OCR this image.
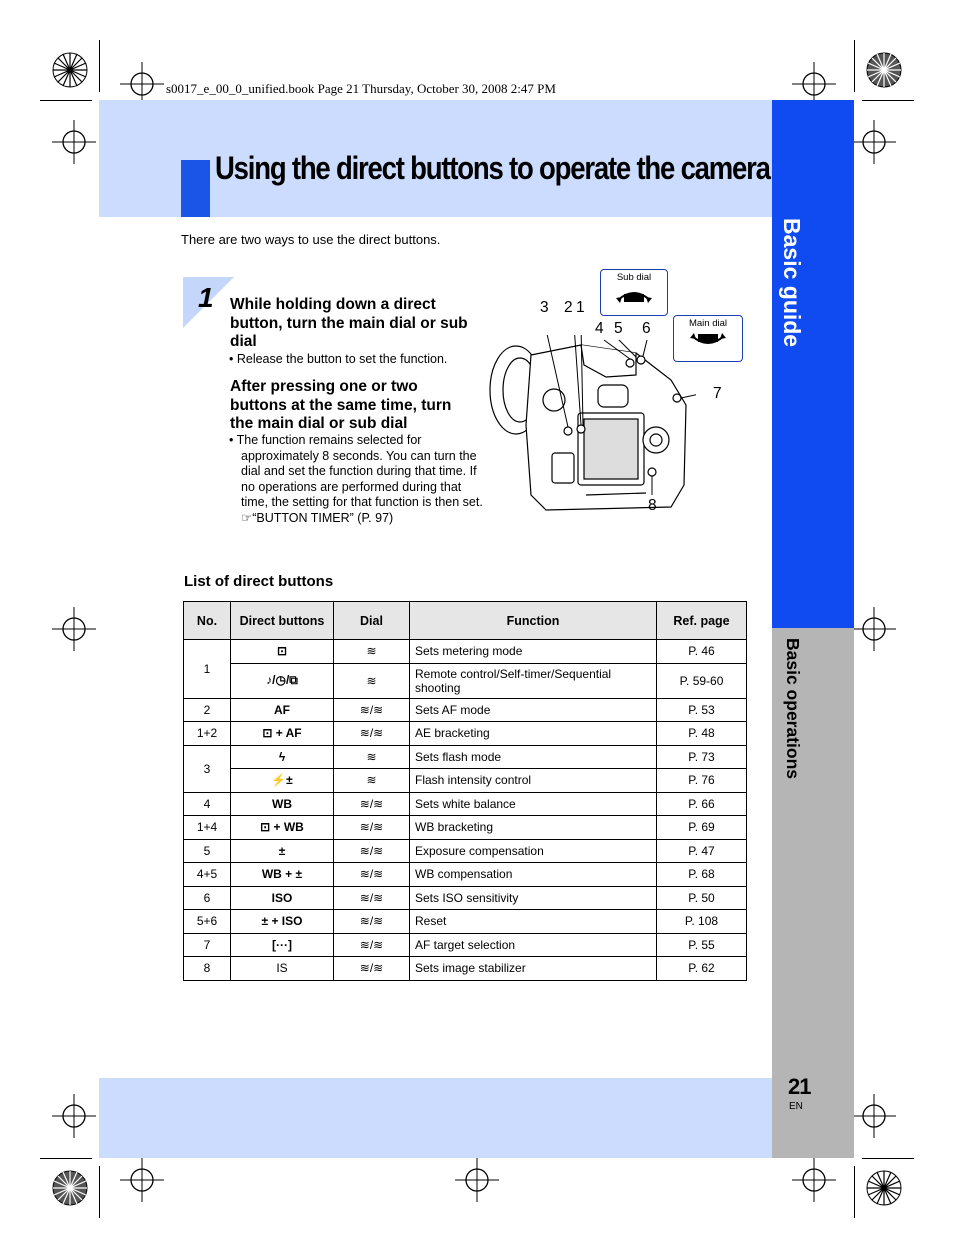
s0017_e_00_0_unified.book Page 21 Thursday, October 30, 2008 2:47 PM
Basic guide
Basic operations
Using the direct buttons to operate the camera
There are two ways to use the direct buttons.
1 While holding down a direct button, turn the main dial or sub dial
• Release the button to set the function.
After pressing one or two buttons at the same time, turn the main dial or sub dial
• The function remains selected for approximately 8 seconds. You can turn the dial and set the function during that time. If no operations are performed during that time, the setting for that function is then set. ☞“BUTTON TIMER” (P. 97)
3 2 1
4 5 6
7
8
Sub dial
Main dial
List of direct buttons
No.	Direct buttons	Dial	Function	Ref. page
1	⊡	≋	Sets metering mode	P. 46
	♪/◷/⧉	≋	Remote control/Self-timer/Sequential shooting	P. 59-60
2	AF	≋/≋	Sets AF mode	P. 53
1+2	⊡ + AF	≋/≋	AE bracketing	P. 48
3	ϟ	≋	Sets flash mode	P. 73
	⚡±	≋	Flash intensity control	P. 76
4	WB	≋/≋	Sets white balance	P. 66
1+4	⊡ + WB	≋/≋	WB bracketing	P. 69
5	±	≋/≋	Exposure compensation	P. 47
4+5	WB + ±	≋/≋	WB compensation	P. 68
6	ISO	≋/≋	Sets ISO sensitivity	P. 50
5+6	± + ISO	≋/≋	Reset	P. 108
7	[···]	≋/≋	AF target selection	P. 55
8	IS	≋/≋	Sets image stabilizer	P. 62
21
EN
